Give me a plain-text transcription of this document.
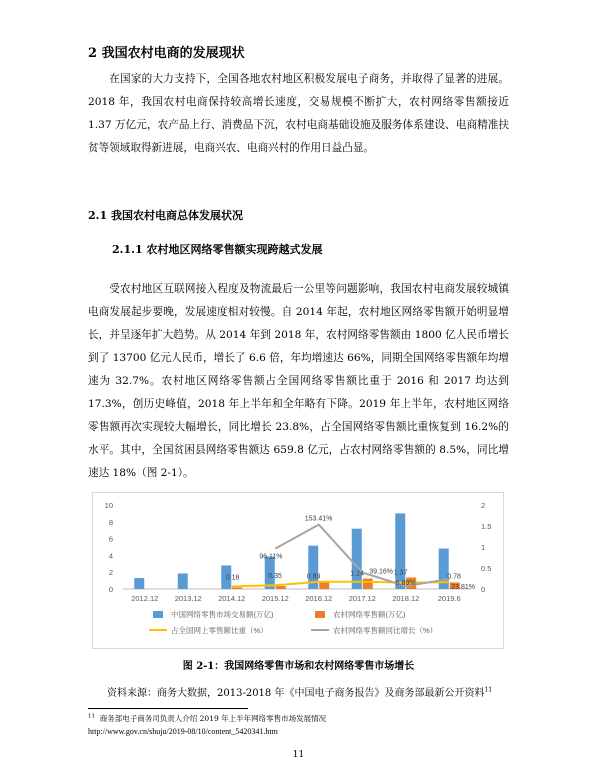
2 我国农村电商的发展现状

在国家的大力支持下，全国各地农村地区积极发展电子商务，并取得了显著的进展。2018 年，我国农村电商保持较高增长速度，交易规模不断扩大，农村网络零售额接近 1.37 万亿元，农产品上行、消费品下沉，农村电商基础设施及服务体系建设、电商精准扶贫等领域取得新进展，电商兴农、电商兴村的作用日益凸显。

2.1 我国农村电商总体发展状况
2.1.1 农村地区网络零售额实现跨越式发展

受农村地区互联网接入程度及物流最后一公里等问题影响，我国农村电商发展较城镇电商发展起步要晚，发展速度相对较慢。自 2014 年起，农村地区网络零售额开始明显增长，并呈逐年扩大趋势。从 2014 年到 2018 年，农村网络零售额由 1800 亿人民币增长到了 13700 亿元人民币，增长了 6.6 倍，年均增速达 66%，同期全国网络零售额年均增速为 32.7%。农村地区网络零售额占全国网络零售额比重于 2016 和 2017 均达到 17.3%，创历史峰值，2018 年上半年和全年略有下降。2019 年上半年，农村地区网络零售额再次实现较大幅增长，同比增长 23.8%，占全国网络零售额比重恢复到 16.2%的水平。其中，全国贫困县网络零售额达 659.8 亿元，占农村网络零售额的 8.5%，同比增速达 18%（图 2-1）。

0
2
4
6
8
10
0
0.5
1
1.5
2
0.18	0.35	0.89	1.24	1.37
0.78
96.11%
153.41%
39.16%
6.89%
23.81%
2012.12 2013.12 2014.12 2015.12 2016.12 2017.12 2018.12 2019.6
中国网络零售市场交易额(万亿)	农村网络零售额(万亿)
占全国网上零售额比重（%）	农村网络零售额同比增长（%）
图 2-1：我国网络零售市场和农村网络零售市场增长
资料来源：商务大数据，2013-2018 年《中国电子商务报告》及商务部最新公开资料$^{11}$
$^{11}$ 商务部电子商务司负责人介绍 2019 年上半年网络零售市场发展情况
http://www.gov.cn/shuju/2019-08/10/content_5420341.htm
11
